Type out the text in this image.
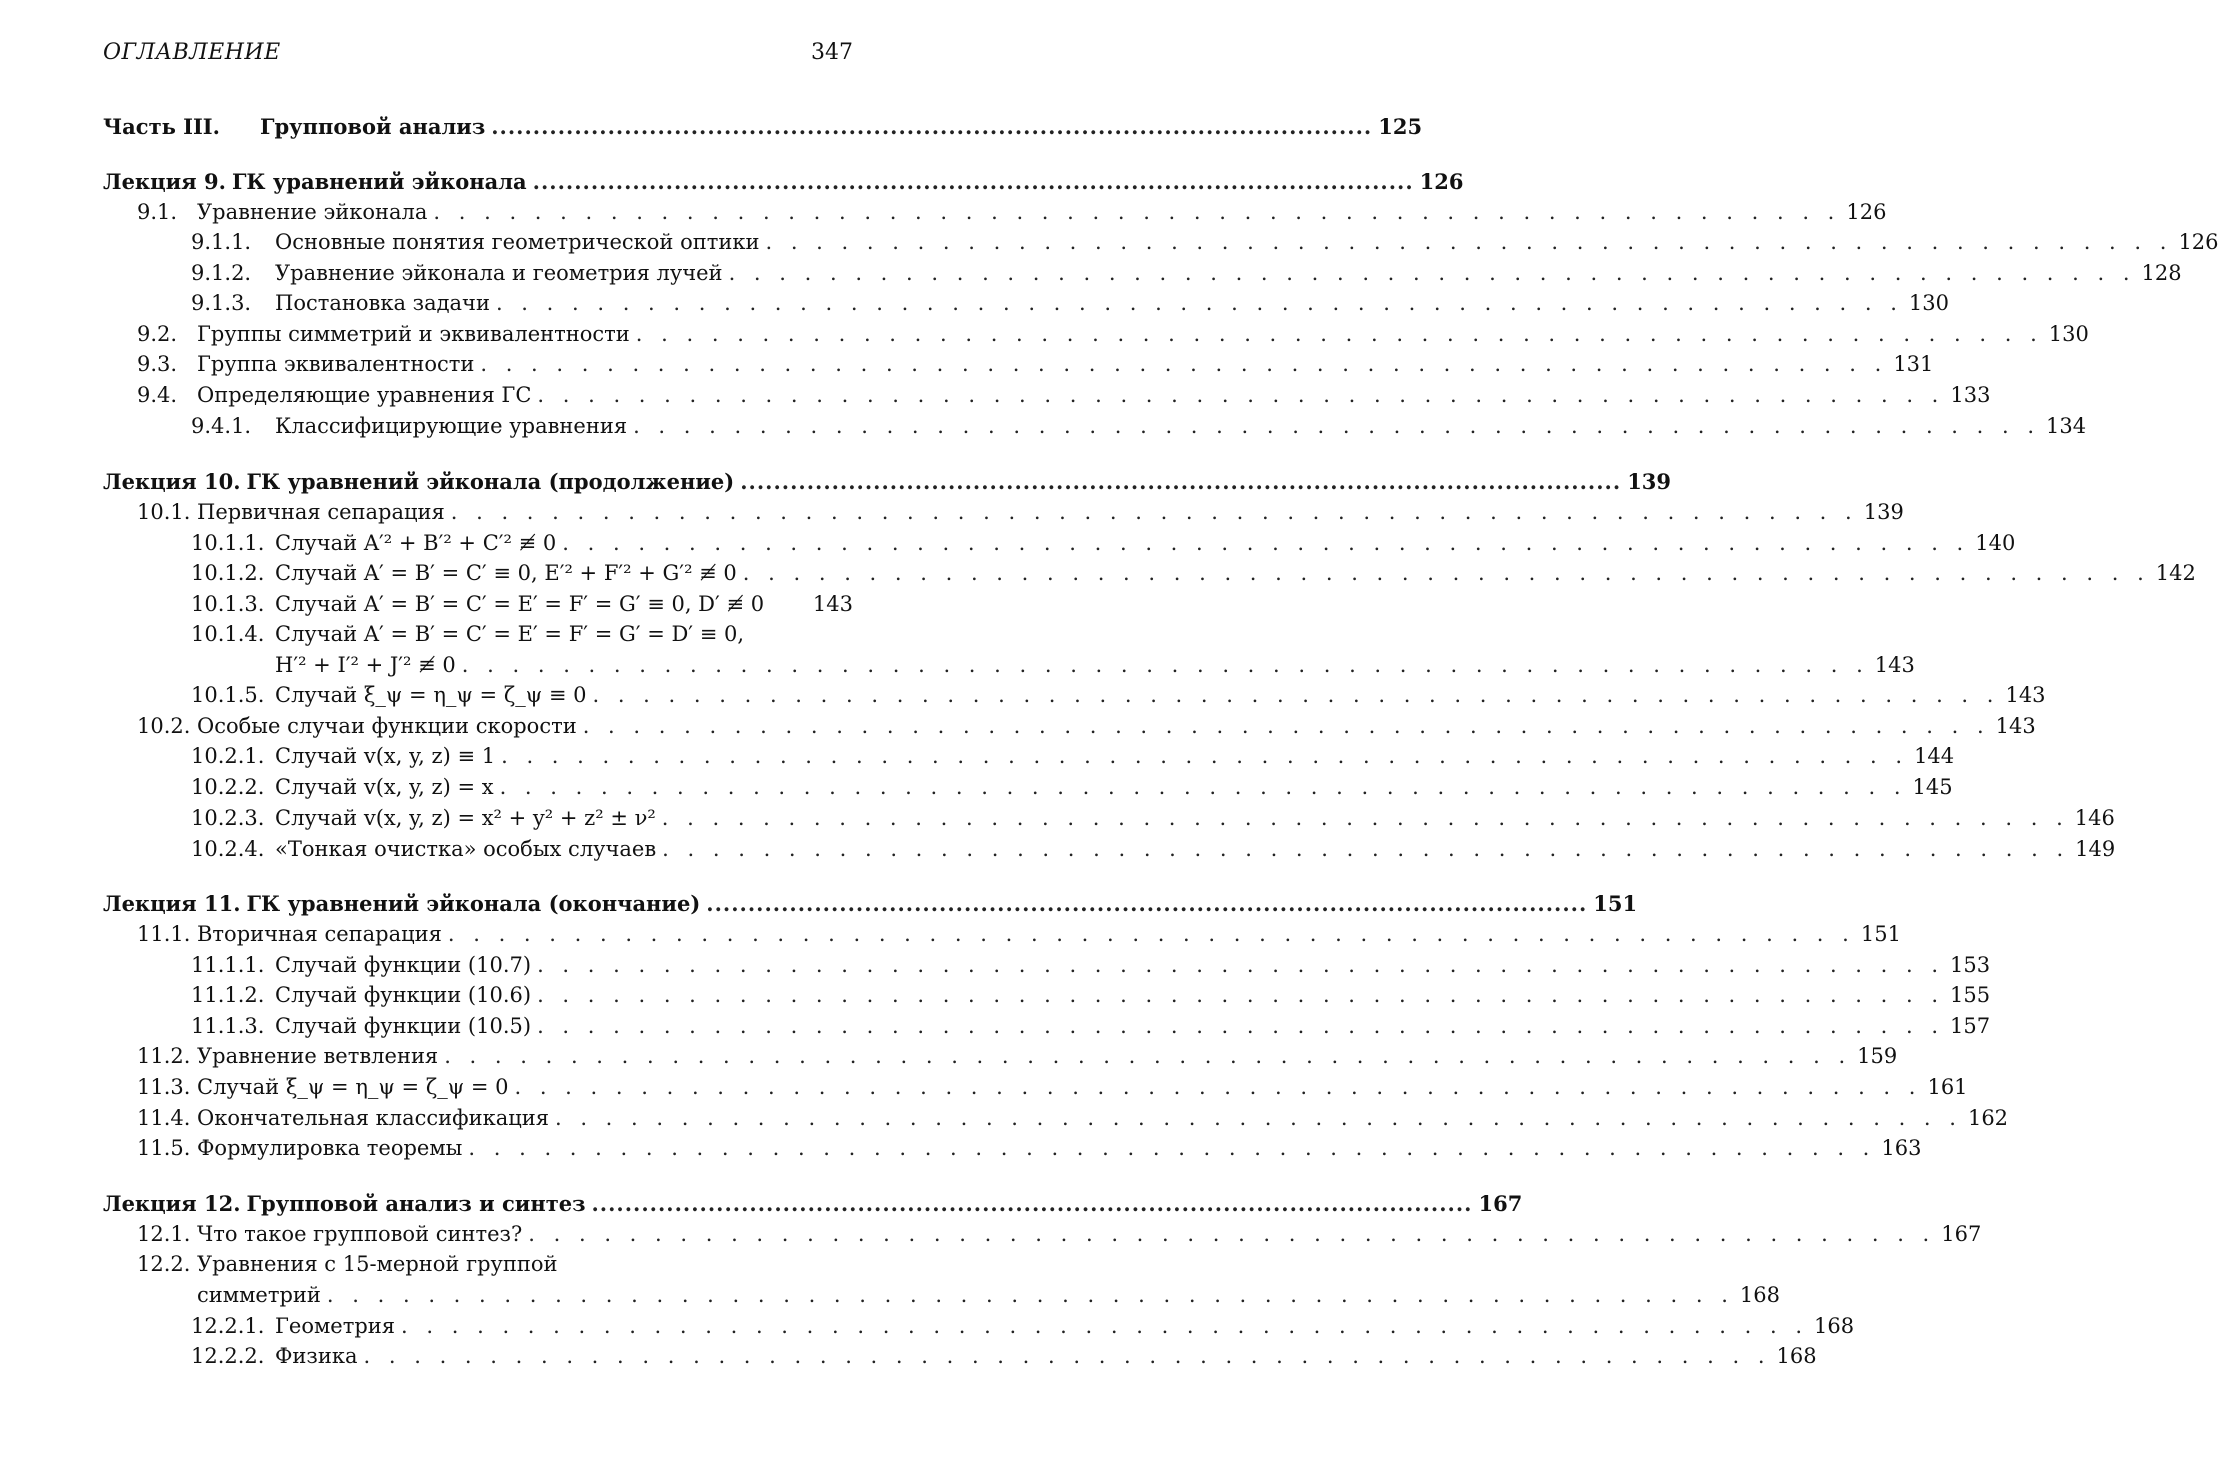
ОГЛАВЛЕНИЕ	347
Часть III. Групповой анализ .......................................................................................................... 125
Лекция 9. ГК уравнений эйконала .......................................................................................................... 126
9.1. Уравнение эйконала . . . . . . . . . . . . . . . . . . . . . . . . . . . . . . . . . . . . . . . . . . . . . . . . . . . . . . . . 126
9.1.1. Основные понятия геометрической оптики . . . . . . . . . . . . . . . . . . . . . . . . . . . . . . . . . . . . . . . . . . . . . . . . . . . . . . . . 126
9.1.2. Уравнение эйконала и геометрия лучей . . . . . . . . . . . . . . . . . . . . . . . . . . . . . . . . . . . . . . . . . . . . . . . . . . . . . . . . 128
9.1.3. Постановка задачи . . . . . . . . . . . . . . . . . . . . . . . . . . . . . . . . . . . . . . . . . . . . . . . . . . . . . . . . 130
9.2. Группы симметрий и эквивалентности . . . . . . . . . . . . . . . . . . . . . . . . . . . . . . . . . . . . . . . . . . . . . . . . . . . . . . . . 130
9.3. Группа эквивалентности . . . . . . . . . . . . . . . . . . . . . . . . . . . . . . . . . . . . . . . . . . . . . . . . . . . . . . . . 131
9.4. Определяющие уравнения ГС . . . . . . . . . . . . . . . . . . . . . . . . . . . . . . . . . . . . . . . . . . . . . . . . . . . . . . . . 133
9.4.1. Классифицирующие уравнения . . . . . . . . . . . . . . . . . . . . . . . . . . . . . . . . . . . . . . . . . . . . . . . . . . . . . . . . 134
Лекция 10. ГК уравнений эйконала (продолжение) .......................................................................................................... 139
10.1. Первичная сепарация . . . . . . . . . . . . . . . . . . . . . . . . . . . . . . . . . . . . . . . . . . . . . . . . . . . . . . . . 139
10.1.1. Случай A′² + B′² + C′² ≢ 0 . . . . . . . . . . . . . . . . . . . . . . . . . . . . . . . . . . . . . . . . . . . . . . . . . . . . . . . . 140
10.1.2. Случай A′ = B′ = C′ ≡ 0, E′² + F′² + G′² ≢ 0 . . . . . . . . . . . . . . . . . . . . . . . . . . . . . . . . . . . . . . . . . . . . . . . . . . . . . . . . 142
10.1.3. Случай A′ = B′ = C′ = E′ = F′ = G′ ≡ 0, D′ ≢ 0	143
10.1.4. Случай A′ = B′ = C′ = E′ = F′ = G′ = D′ ≡ 0,
H′² + I′² + J′² ≢ 0 . . . . . . . . . . . . . . . . . . . . . . . . . . . . . . . . . . . . . . . . . . . . . . . . . . . . . . . . 143
10.1.5. Случай ξ_ψ = η_ψ = ζ_ψ ≡ 0 . . . . . . . . . . . . . . . . . . . . . . . . . . . . . . . . . . . . . . . . . . . . . . . . . . . . . . . . 143
10.2. Особые случаи функции скорости . . . . . . . . . . . . . . . . . . . . . . . . . . . . . . . . . . . . . . . . . . . . . . . . . . . . . . . . 143
10.2.1. Случай v(x, y, z) ≡ 1 . . . . . . . . . . . . . . . . . . . . . . . . . . . . . . . . . . . . . . . . . . . . . . . . . . . . . . . . 144
10.2.2. Случай v(x, y, z) = x . . . . . . . . . . . . . . . . . . . . . . . . . . . . . . . . . . . . . . . . . . . . . . . . . . . . . . . . 145
10.2.3. Случай v(x, y, z) = x² + y² + z² ± ν² . . . . . . . . . . . . . . . . . . . . . . . . . . . . . . . . . . . . . . . . . . . . . . . . . . . . . . . . 146
10.2.4. «Тонкая очистка» особых случаев . . . . . . . . . . . . . . . . . . . . . . . . . . . . . . . . . . . . . . . . . . . . . . . . . . . . . . . . 149
Лекция 11. ГК уравнений эйконала (окончание) .......................................................................................................... 151
11.1. Вторичная сепарация . . . . . . . . . . . . . . . . . . . . . . . . . . . . . . . . . . . . . . . . . . . . . . . . . . . . . . . . 151
11.1.1. Случай функции (10.7) . . . . . . . . . . . . . . . . . . . . . . . . . . . . . . . . . . . . . . . . . . . . . . . . . . . . . . . . 153
11.1.2. Случай функции (10.6) . . . . . . . . . . . . . . . . . . . . . . . . . . . . . . . . . . . . . . . . . . . . . . . . . . . . . . . . 155
11.1.3. Случай функции (10.5) . . . . . . . . . . . . . . . . . . . . . . . . . . . . . . . . . . . . . . . . . . . . . . . . . . . . . . . . 157
11.2. Уравнение ветвления . . . . . . . . . . . . . . . . . . . . . . . . . . . . . . . . . . . . . . . . . . . . . . . . . . . . . . . . 159
11.3. Случай ξ_ψ = η_ψ = ζ_ψ = 0 . . . . . . . . . . . . . . . . . . . . . . . . . . . . . . . . . . . . . . . . . . . . . . . . . . . . . . . . 161
11.4. Окончательная классификация . . . . . . . . . . . . . . . . . . . . . . . . . . . . . . . . . . . . . . . . . . . . . . . . . . . . . . . . 162
11.5. Формулировка теоремы . . . . . . . . . . . . . . . . . . . . . . . . . . . . . . . . . . . . . . . . . . . . . . . . . . . . . . . . 163
Лекция 12. Групповой анализ и синтез .......................................................................................................... 167
12.1. Что такое групповой синтез? . . . . . . . . . . . . . . . . . . . . . . . . . . . . . . . . . . . . . . . . . . . . . . . . . . . . . . . . 167
12.2. Уравнения с 15-мерной группой
симметрий . . . . . . . . . . . . . . . . . . . . . . . . . . . . . . . . . . . . . . . . . . . . . . . . . . . . . . . . 168
12.2.1. Геометрия . . . . . . . . . . . . . . . . . . . . . . . . . . . . . . . . . . . . . . . . . . . . . . . . . . . . . . . . 168
12.2.2. Физика . . . . . . . . . . . . . . . . . . . . . . . . . . . . . . . . . . . . . . . . . . . . . . . . . . . . . . . . 168
